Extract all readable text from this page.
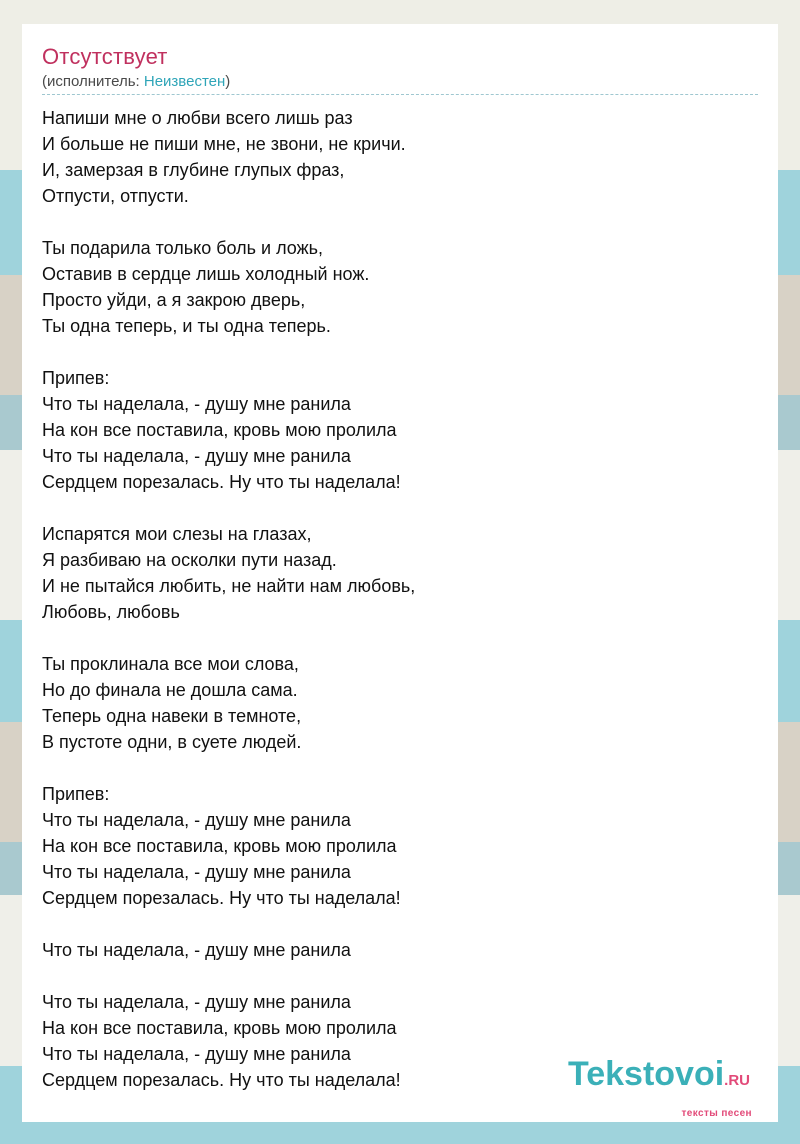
Отсутствует
(исполнитель: Неизвестен)
Напиши мне о любви всего лишь раз
И больше не пиши мне, не звони, не кричи.
И, замерзая в глубине глупых фраз,
Отпусти, отпусти.
Ты подарила только боль и ложь,
Оставив в сердце лишь холодный нож.
Просто уйди, а я закрою дверь,
Ты одна теперь, и ты одна теперь.
Припев:
Что ты наделала, - душу мне ранила
На кон все поставила, кровь мою пролила
Что ты наделала, - душу мне ранила
Сердцем порезалась. Ну что ты наделала!
Испарятся мои слезы на глазах,
Я разбиваю на осколки пути назад.
И не пытайся любить, не найти нам любовь,
Любовь, любовь
Ты проклинала все мои слова,
Но до финала не дошла сама.
Теперь одна навеки в темноте,
В пустоте одни, в суете людей.
Припев:
Что ты наделала, - душу мне ранила
На кон все поставила, кровь мою пролила
Что ты наделала, - душу мне ранила
Сердцем порезалась. Ну что ты наделала!
Что ты наделала, - душу мне ранила
Что ты наделала, - душу мне ранила
На кон все поставила, кровь мою пролила
Что ты наделала, - душу мне ранила
Сердцем порезалась. Ну что ты наделала!	Tekstovoi.RU
тексты песен
